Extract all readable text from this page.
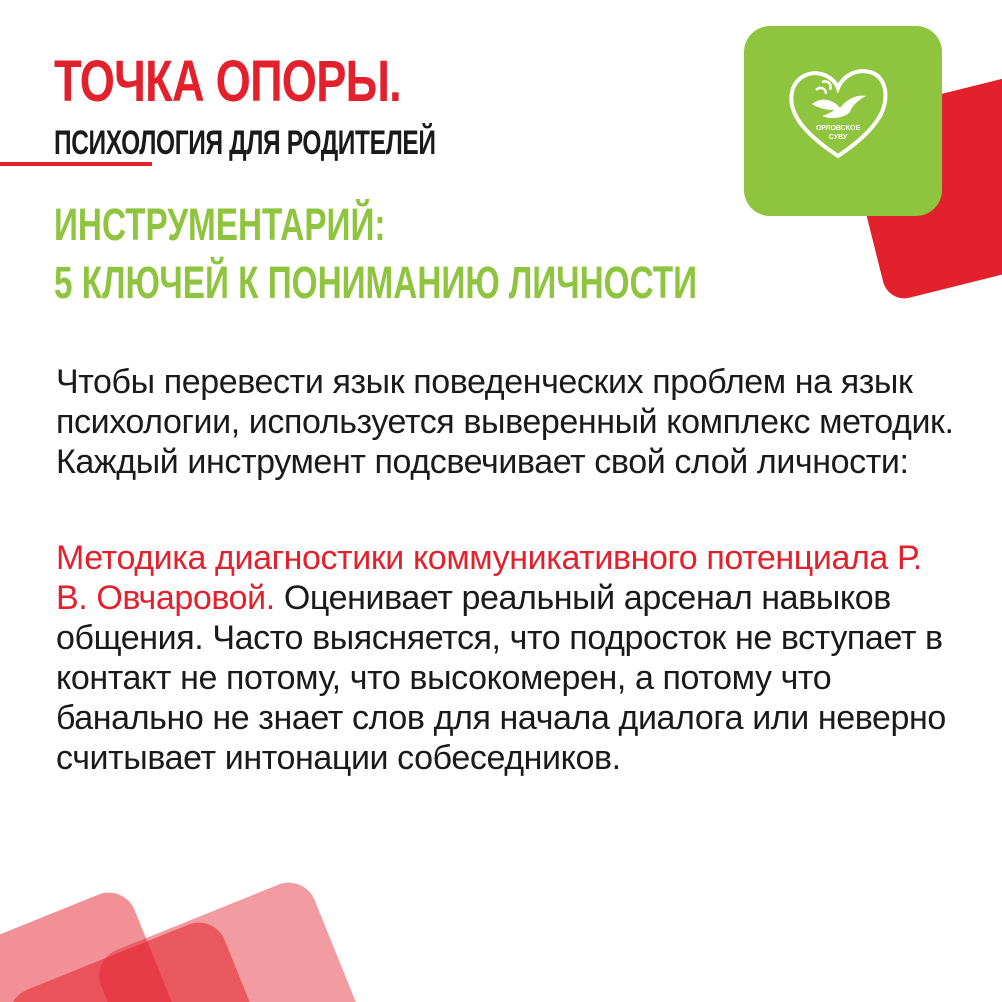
ОРЛОВСКОЕ
СУВУ
ТОЧКА ОПОРЫ.
ПСИХОЛОГИЯ ДЛЯ РОДИТЕЛЕЙ
ИНСТРУМЕНТАРИЙ:
5 КЛЮЧЕЙ К ПОНИМАНИЮ ЛИЧНОСТИ

Чтобы перевести язык поведенческих проблем на язык психологии, используется выверенный комплекс методик. Каждый инструмент подсвечивает свой слой личности:

Методика диагностики коммуникативного потенциала Р. В. Овчаровой. Оценивает реальный арсенал навыков общения. Часто выясняется, что подросток не вступает в контакт не потому, что высокомерен, а потому что банально не знает слов для начала диалога или неверно считывает интонации собеседников.
